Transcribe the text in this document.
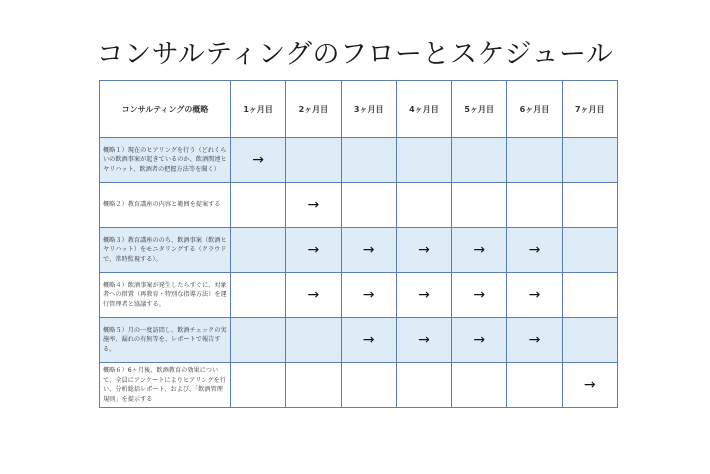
コンサルティングのフローとスケジュール
コンサルティングの概略	1ヶ月目	2ヶ月目	3ヶ月目	4ヶ月目	5ヶ月目	6ヶ月目	7ヶ月目
概略１）現在のヒアリングを行う（どれくらいの飲酒事案が起きているのか、飲酒関連ヒヤリハット、飲酒者の把握方法等を聞く）	→						
概略２）教育講座の内容と範囲を提案する		→					
概略３）教育講座ののち、飲酒事案（飲酒ヒヤリハット）をモニタリングする（クラウドで、常時監視する）。		→	→	→	→	→	
概略４）飲酒事案が発生したらすぐに、対象者への措置（再教育・特別な指導方法）を運行管理者と協議する。		→	→	→	→	→	
概略５）月の一度訪問し、飲酒チェックの実施率、漏れの有無等を、レポートで報告する。			→	→	→	→	
概略６）6ヶ月後、飲酒教育の効果について、全員にアンケートによりヒアリングを行い、分析総括レポート、および、「飲酒管理規則」を提示する							→
